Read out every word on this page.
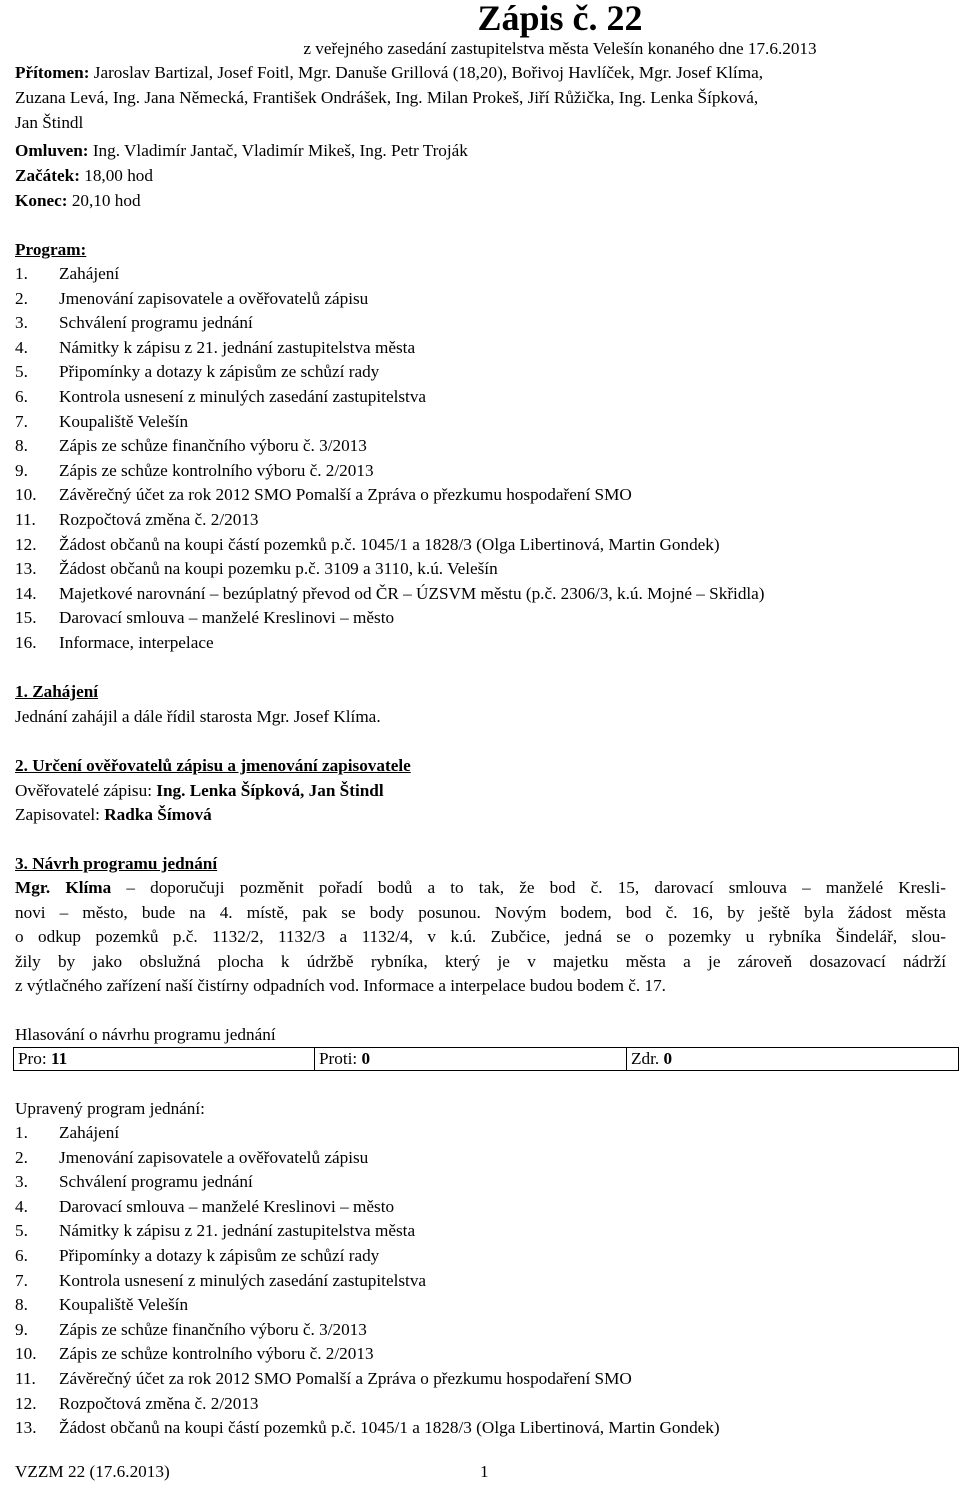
Zápis č. 22
z veřejného zasedání zastupitelstva města Velešín konaného dne 17.6.2013
Přítomen: Jaroslav Bartizal, Josef Foitl, Mgr. Danuše Grillová (18,20), Bořivoj Havlíček, Mgr. Josef Klíma,
Zuzana Levá, Ing. Jana Německá, František Ondrášek, Ing. Milan Prokeš, Jiří Růžička, Ing. Lenka Šípková,
Jan Štindl
Omluven: Ing. Vladimír Jantač, Vladimír Mikeš, Ing. Petr Troják
Začátek: 18,00 hod
Konec: 20,10 hod
Program:
1. Zahájení
2. Jmenování zapisovatele a ověřovatelů zápisu
3. Schválení programu jednání
4. Námitky k zápisu z 21. jednání zastupitelstva města
5. Připomínky a dotazy k zápisům ze schůzí rady
6. Kontrola usnesení z minulých zasedání zastupitelstva
7. Koupaliště Velešín
8. Zápis ze schůze finančního výboru č. 3/2013
9. Zápis ze schůze kontrolního výboru č. 2/2013
10. Závěrečný účet za rok 2012 SMO Pomalší a Zpráva o přezkumu hospodaření SMO
11. Rozpočtová změna č. 2/2013
12. Žádost občanů na koupi částí pozemků p.č. 1045/1 a 1828/3 (Olga Libertinová, Martin Gondek)
13. Žádost občanů na koupi pozemku p.č. 3109 a 3110, k.ú. Velešín
14. Majetkové narovnání – bezúplatný převod od ČR – ÚZSVM městu (p.č. 2306/3, k.ú. Mojné – Skřidla)
15. Darovací smlouva – manželé Kreslinovi – město
16. Informace, interpelace
1. Zahájení
Jednání zahájil a dále řídil starosta Mgr. Josef Klíma.
2. Určení ověřovatelů zápisu a jmenování zapisovatele
Ověřovatelé zápisu: Ing. Lenka Šípková, Jan Štindl
Zapisovatel: Radka Šímová
3. Návrh programu jednání
Mgr. Klíma – doporučuji pozměnit pořadí bodů a to tak, že bod č. 15, darovací smlouva – manželé Kresli-
novi – město, bude na 4. místě, pak se body posunou. Novým bodem, bod č. 16, by ještě byla žádost města
o odkup pozemků p.č. 1132/2, 1132/3 a 1132/4, v k.ú. Zubčice, jedná se o pozemky u rybníka Šindelář, slou-
žily by jako obslužná plocha k údržbě rybníka, který je v majetku města a je zároveň dosazovací nádrží
z výtlačného zařízení naší čistírny odpadních vod. Informace a interpelace budou bodem č. 17.
Hlasování o návrhu programu jednání
Pro: 11	Proti: 0	Zdr. 0
Upravený program jednání:
1. Zahájení
2. Jmenování zapisovatele a ověřovatelů zápisu
3. Schválení programu jednání
4. Darovací smlouva – manželé Kreslinovi – město
5. Námitky k zápisu z 21. jednání zastupitelstva města
6. Připomínky a dotazy k zápisům ze schůzí rady
7. Kontrola usnesení z minulých zasedání zastupitelstva
8. Koupaliště Velešín
9. Zápis ze schůze finančního výboru č. 3/2013
10. Zápis ze schůze kontrolního výboru č. 2/2013
11. Závěrečný účet za rok 2012 SMO Pomalší a Zpráva o přezkumu hospodaření SMO
12. Rozpočtová změna č. 2/2013
13. Žádost občanů na koupi částí pozemků p.č. 1045/1 a 1828/3 (Olga Libertinová, Martin Gondek)
VZZM 22 (17.6.2013)	1
